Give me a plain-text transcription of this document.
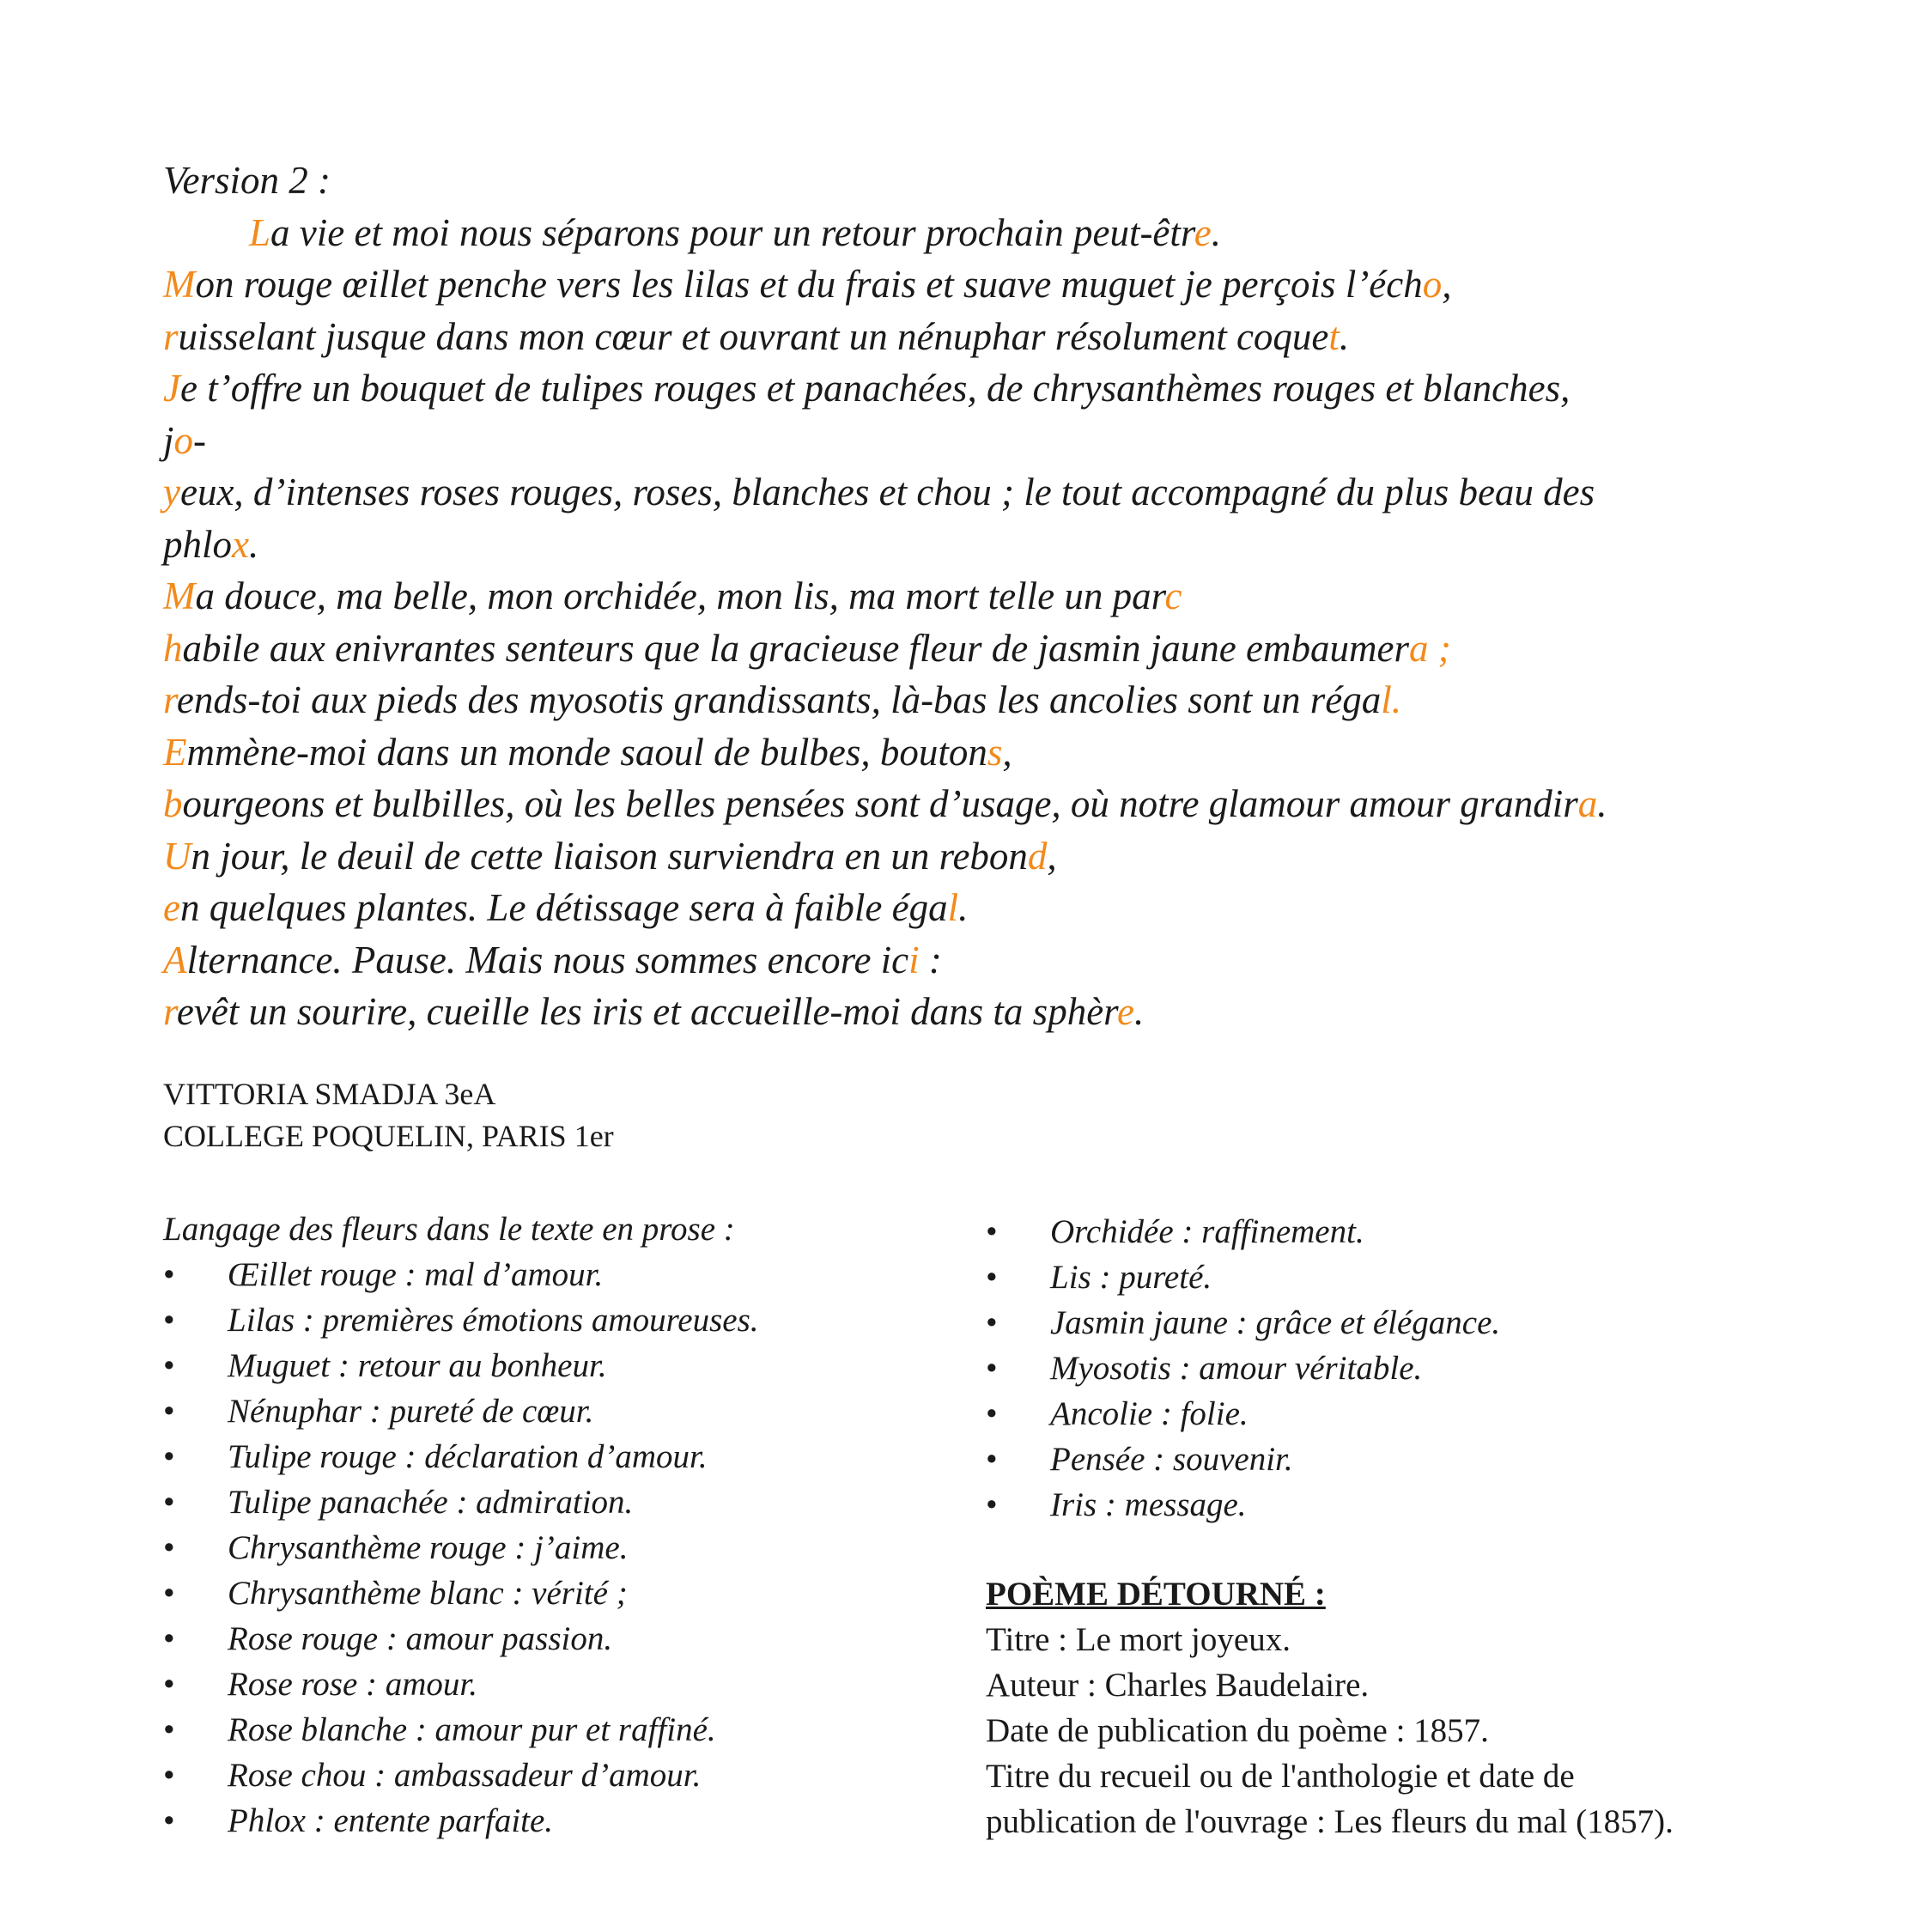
Version 2 :
La vie et moi nous séparons pour un retour prochain peut-être.
Mon rouge œillet penche vers les lilas et du frais et suave muguet je perçois l’écho,
ruisselant jusque dans mon cœur et ouvrant un nénuphar résolument coquet.
Je t’offre un bouquet de tulipes rouges et panachées, de chrysanthèmes rouges et blanches,
jo-
yeux, d’intenses roses rouges, roses, blanches et chou ; le tout accompagné du plus beau des
phlox.
Ma douce, ma belle, mon orchidée, mon lis, ma mort telle un parc
habile aux enivrantes senteurs que la gracieuse fleur de jasmin jaune embaumera ;
rends-toi aux pieds des myosotis grandissants, là-bas les ancolies sont un régal.
Emmène-moi dans un monde saoul de bulbes, boutons,
bourgeons et bulbilles, où les belles pensées sont d’usage, où notre glamour amour grandira.
Un jour, le deuil de cette liaison surviendra en un rebond,
en quelques plantes. Le détissage sera à faible égal.
Alternance. Pause. Mais nous sommes encore ici :
revêt un sourire, cueille les iris et accueille-moi dans ta sphère.
VITTORIA SMADJA 3eA
COLLEGE POQUELIN, PARIS 1er
Langage des fleurs dans le texte en prose :
• Œillet rouge : mal d’amour.
• Lilas : premières émotions amoureuses.
• Muguet : retour au bonheur.
• Nénuphar : pureté de cœur.
• Tulipe rouge : déclaration d’amour.
• Tulipe panachée : admiration.
• Chrysanthème rouge : j’aime.
• Chrysanthème blanc : vérité ;
• Rose rouge : amour passion.
• Rose rose : amour.
• Rose blanche : amour pur et raffiné.
• Rose chou : ambassadeur d’amour.
• Phlox : entente parfaite.
• Orchidée : raffinement.
• Lis : pureté.
• Jasmin jaune : grâce et élégance.
• Myosotis : amour véritable.
• Ancolie : folie.
• Pensée : souvenir.
• Iris : message.
POÈME DÉTOURNÉ :
Titre : Le mort joyeux.
Auteur : Charles Baudelaire.
Date de publication du poème : 1857.
Titre du recueil ou de l'anthologie et date de
publication de l'ouvrage : Les fleurs du mal (1857).
